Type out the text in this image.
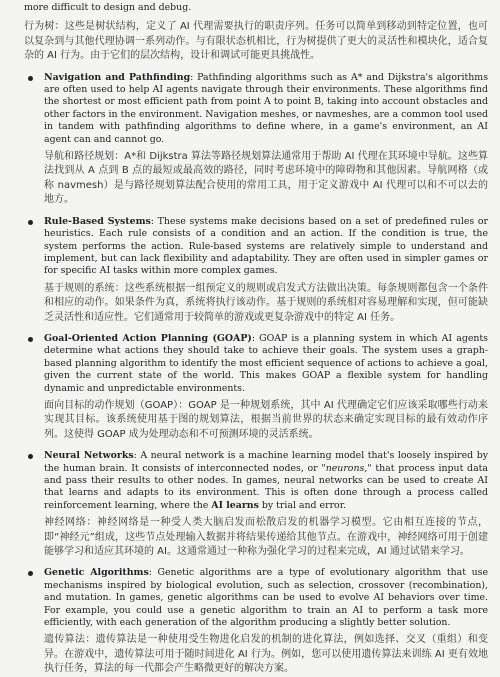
more difficult to design and debug.

行为树：这些是树状结构，定义了 AI 代理需要执行的职责序列。任务可以简单到移动到特定位置，也可以复杂到与其他代理协调一系列动作。与有限状态机相比，行为树提供了更大的灵活性和模块化，适合复杂的 AI 行为。由于它们的层次结构，设计和调试可能更具挑战性。

Navigation and Pathfinding: Pathfinding algorithms such as A* and Dijkstra's algorithms are often used to help AI agents navigate through their environments. These algorithms find the shortest or most efficient path from point A to point B, taking into account obstacles and other factors in the environment. Navigation meshes, or navmeshes, are a common tool used in tandem with pathfinding algorithms to define where, in a game's environment, an AI agent can and cannot go.

导航和路径规划：A*和 Dijkstra 算法等路径规划算法通常用于帮助 AI 代理在其环境中导航。这些算法找到从 A 点到 B 点的最短或最高效的路径，同时考虑环境中的障碍物和其他因素。导航网格（或称 navmesh）是与路径规划算法配合使用的常用工具，用于定义游戏中 AI 代理可以和不可以去的地方。

Rule-Based Systems: These systems make decisions based on a set of predefined rules or heuristics. Each rule consists of a condition and an action. If the condition is true, the system performs the action. Rule-based systems are relatively simple to understand and implement, but can lack flexibility and adaptability. They are often used in simpler games or for specific AI tasks within more complex games.

基于规则的系统：这些系统根据一组预定义的规则或启发式方法做出决策。每条规则都包含一个条件和相应的动作。如果条件为真，系统将执行该动作。基于规则的系统相对容易理解和实现，但可能缺乏灵活性和适应性。它们通常用于较简单的游戏或更复杂游戏中的特定 AI 任务。

Goal-Oriented Action Planning (GOAP): GOAP is a planning system in which AI agents determine what actions they should take to achieve their goals. The system uses a graph-based planning algorithm to identify the most efficient sequence of actions to achieve a goal, given the current state of the world. This makes GOAP a flexible system for handling dynamic and unpredictable environments.

面向目标的动作规划（GOAP）：GOAP 是一种规划系统，其中 AI 代理确定它们应该采取哪些行动来实现其目标。该系统使用基于图的规划算法，根据当前世界的状态来确定实现目标的最有效动作序列。这使得 GOAP 成为处理动态和不可预测环境的灵活系统。

Neural Networks: A neural network is a machine learning model that's loosely inspired by the human brain. It consists of interconnected nodes, or "neurons," that process input data and pass their results to other nodes. In games, neural networks can be used to create AI that learns and adapts to its environment. This is often done through a process called reinforcement learning, where the AI learns by trial and error.

神经网络：神经网络是一种受人类大脑启发而松散启发的机器学习模型。它由相互连接的节点，即“神经元”组成，这些节点处理输入数据并将结果传递给其他节点。在游戏中，神经网络可用于创建能够学习和适应其环境的 AI。这通常通过一种称为强化学习的过程来完成，AI 通过试错来学习。

Genetic Algorithms: Genetic algorithms are a type of evolutionary algorithm that use mechanisms inspired by biological evolution, such as selection, crossover (recombination), and mutation. In games, genetic algorithms can be used to evolve AI behaviors over time. For example, you could use a genetic algorithm to train an AI to perform a task more efficiently, with each generation of the algorithm producing a slightly better solution.

遗传算法：遗传算法是一种使用受生物进化启发的机制的进化算法，例如选择、交叉（重组）和变异。在游戏中，遗传算法可用于随时间进化 AI 行为。例如，您可以使用遗传算法来训练 AI 更有效地执行任务，算法的每一代都会产生略微更好的解决方案。
